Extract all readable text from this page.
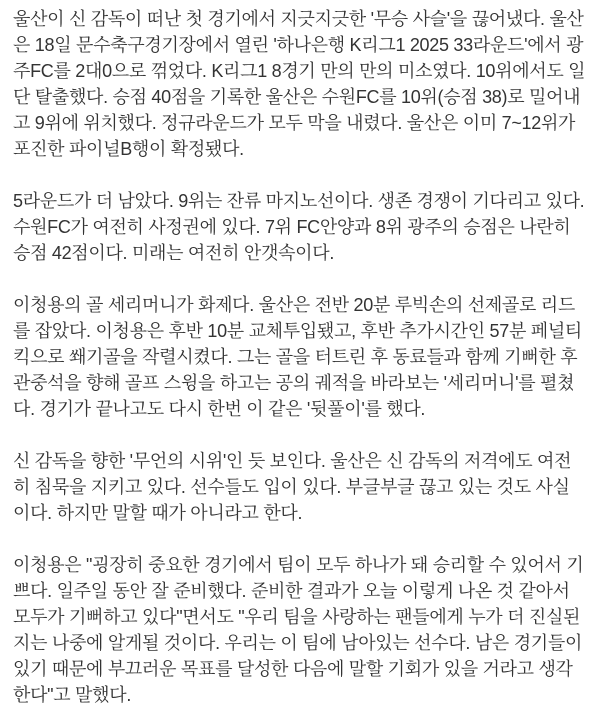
울산이 신 감독이 떠난 첫 경기에서 지긋지긋한 '무승 사슬'을 끊어냈다. 울산은 18일 문수축구경기장에서 열린 '하나은행 K리그1 2025 33라운드'에서 광주FC를 2대0으로 꺾었다. K리그1 8경기 만의 만의 미소였다. 10위에서도 일단 탈출했다. 승점 40점을 기록한 울산은 수원FC를 10위(승점 38)로 밀어내고 9위에 위치했다. 정규라운드가 모두 막을 내렸다. 울산은 이미 7~12위가 포진한 파이널B행이 확정됐다.

5라운드가 더 남았다. 9위는 잔류 마지노선이다. 생존 경쟁이 기다리고 있다. 수원FC가 여전히 사정권에 있다. 7위 FC안양과 8위 광주의 승점은 나란히 승점 42점이다. 미래는 여전히 안갯속이다.

이청용의 골 세리머니가 화제다. 울산은 전반 20분 루빅손의 선제골로 리드를 잡았다. 이청용은 후반 10분 교체투입됐고, 후반 추가시간인 57분 페널티킥으로 쐐기골을 작렬시켰다. 그는 골을 터트린 후 동료들과 함께 기뻐한 후 관중석을 향해 골프 스윙을 하고는 공의 궤적을 바라보는 '세리머니'를 펼쳤다. 경기가 끝나고도 다시 한번 이 같은 '뒷풀이'를 했다.

신 감독을 향한 '무언의 시위'인 듯 보인다. 울산은 신 감독의 저격에도 여전히 침묵을 지키고 있다. 선수들도 입이 있다. 부글부글 끊고 있는 것도 사실이다. 하지만 말할 때가 아니라고 한다.

이청용은 "굉장히 중요한 경기에서 팀이 모두 하나가 돼 승리할 수 있어서 기쁘다. 일주일 동안 잘 준비했다. 준비한 결과가 오늘 이렇게 나온 것 같아서 모두가 기뻐하고 있다"면서도 "우리 팀을 사랑하는 팬들에게 누가 더 진실된지는 나중에 알게될 것이다. 우리는 이 팀에 남아있는 선수다. 남은 경기들이 있기 때문에 부끄러운 목표를 달성한 다음에 말할 기회가 있을 거라고 생각한다"고 말했다.
